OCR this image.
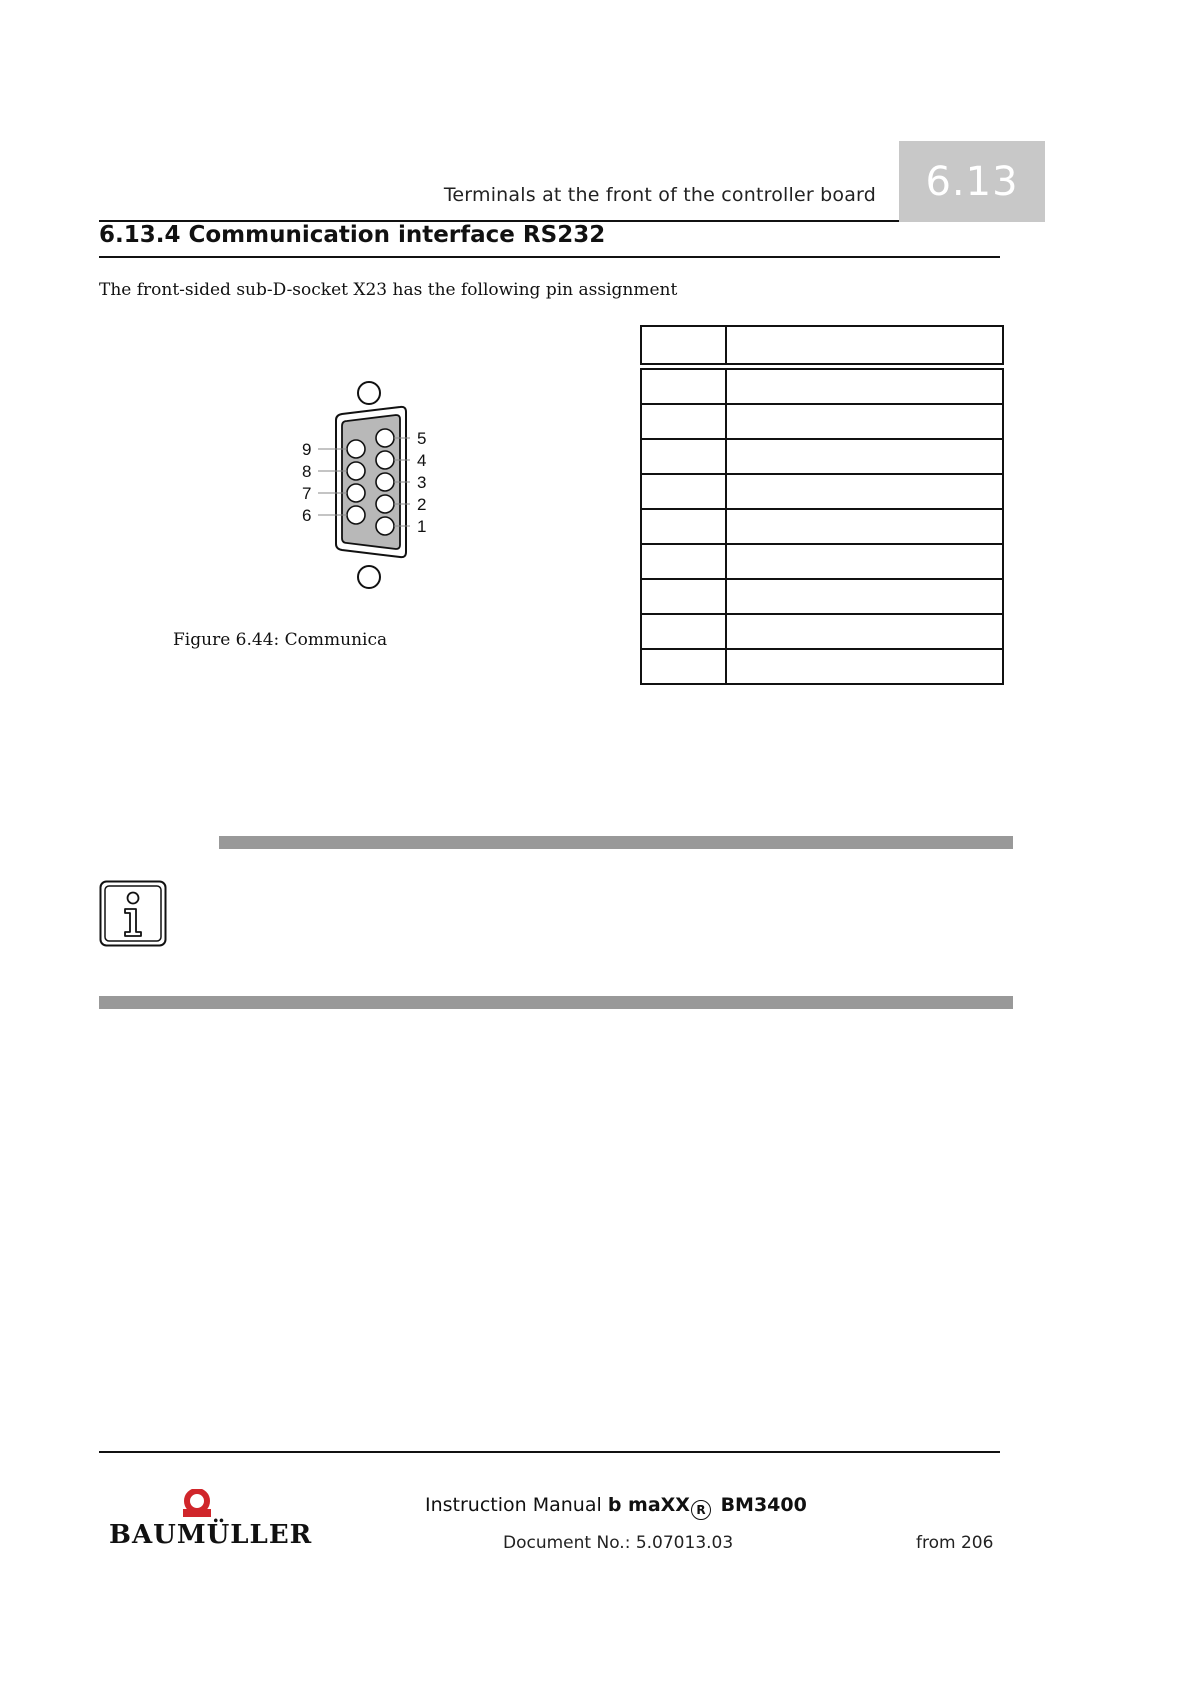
Terminals at the front of the controller board 6.13
6.13.4 Communication interface RS232
The front-sided sub-D-socket X23 has the following pin assignment
5
4
3
2
1
9
8
7
6
Figure 6.44: Communica

BAUMÜLLER
Instruction Manual b maXX R BM3400
Document No.: 5.07013.03	from 206
